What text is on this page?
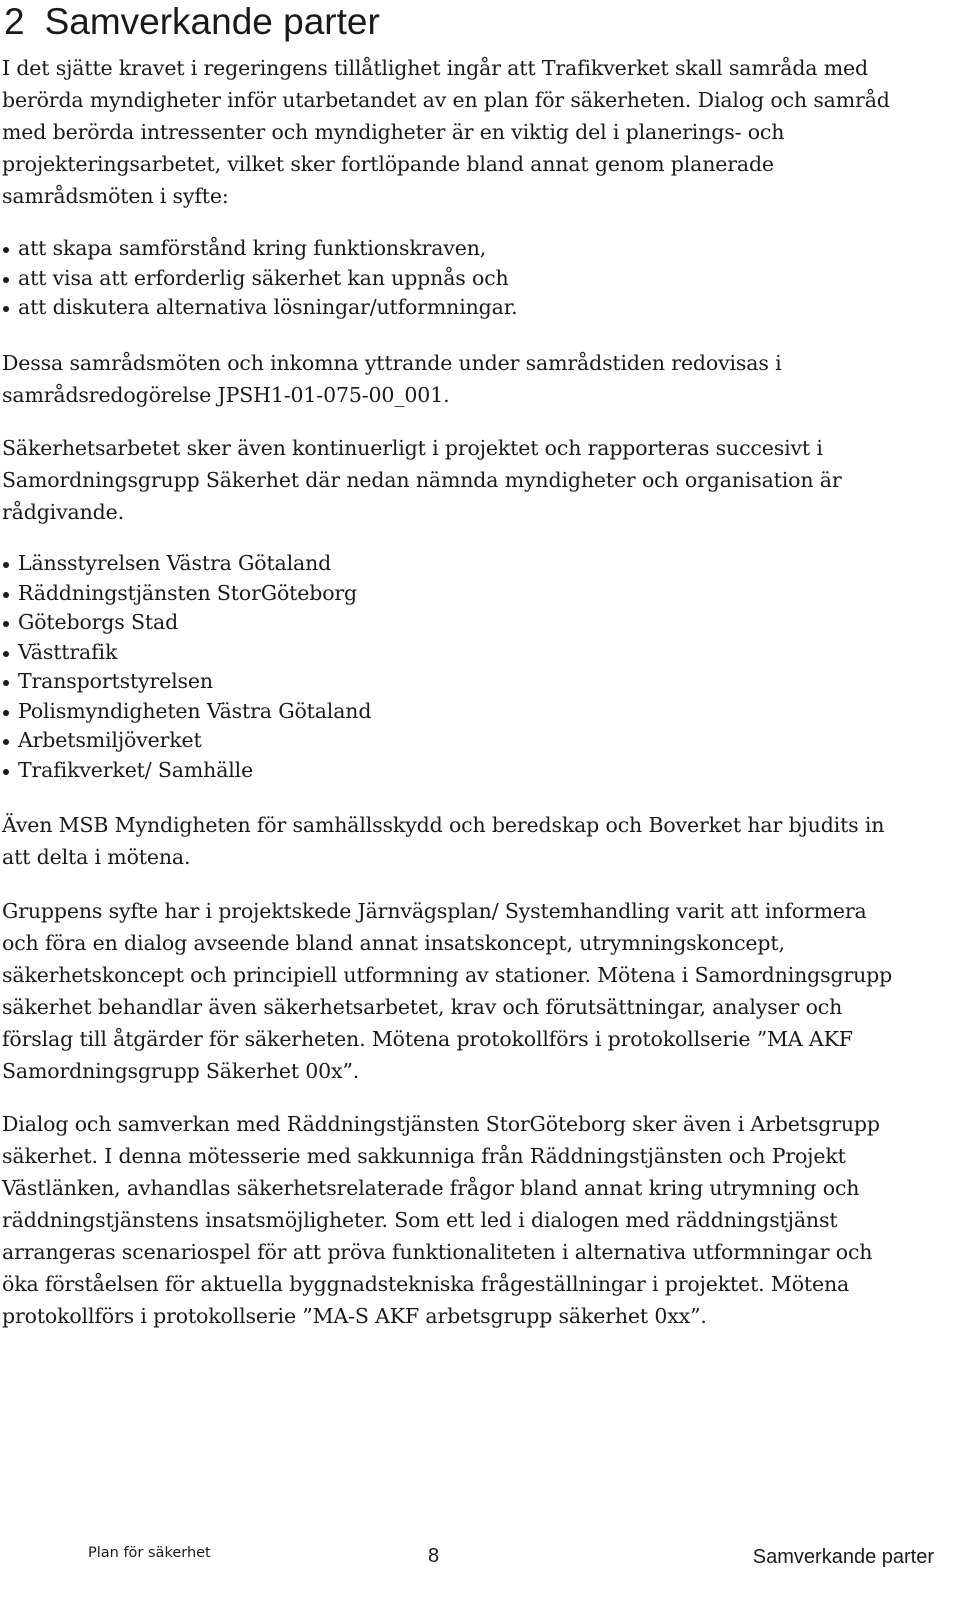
2 Samverkande parter

I det sjätte kravet i regeringens tillåtlighet ingår att Trafikverket skall samråda med berörda myndigheter inför utarbetandet av en plan för säkerheten. Dialog och samråd med berörda intressenter och myndigheter är en viktig del i planerings- och projekteringsarbetet, vilket sker fortlöpande bland annat genom planerade samrådsmöten i syfte:

att skapa samförstånd kring funktionskraven,
att visa att erforderlig säkerhet kan uppnås och
att diskutera alternativa lösningar/utformningar.

Dessa samrådsmöten och inkomna yttrande under samrådstiden redovisas i samrådsredogörelse JPSH1-01-075-00_001.

Säkerhetsarbetet sker även kontinuerligt i projektet och rapporteras succesivt i Samordningsgrupp Säkerhet där nedan nämnda myndigheter och organisation är rådgivande.

Länsstyrelsen Västra Götaland
Räddningstjänsten StorGöteborg
Göteborgs Stad
Västtrafik
Transportstyrelsen
Polismyndigheten Västra Götaland
Arbetsmiljöverket
Trafikverket/ Samhälle

Även MSB Myndigheten för samhällsskydd och beredskap och Boverket har bjudits in att delta i mötena.

Gruppens syfte har i projektskede Järnvägsplan/ Systemhandling varit att informera och föra en dialog avseende bland annat insatskoncept, utrymningskoncept, säkerhetskoncept och principiell utformning av stationer. Mötena i Samordningsgrupp säkerhet behandlar även säkerhetsarbetet, krav och förutsättningar, analyser och förslag till åtgärder för säkerheten. Mötena protokollförs i protokollserie ”MA AKF Samordningsgrupp Säkerhet 00x”.

Dialog och samverkan med Räddningstjänsten StorGöteborg sker även i Arbetsgrupp säkerhet. I denna mötesserie med sakkunniga från Räddningstjänsten och Projekt Västlänken, avhandlas säkerhetsrelaterade frågor bland annat kring utrymning och räddningstjänstens insatsmöjligheter. Som ett led i dialogen med räddningstjänst arrangeras scenariospel för att pröva funktionaliteten i alternativa utformningar och öka förståelsen för aktuella byggnadstekniska frågeställningar i projektet. Mötena protokollförs i protokollserie ”MA-S AKF arbetsgrupp säkerhet 0xx”.

Plan för säkerhet	8	Samverkande parter
